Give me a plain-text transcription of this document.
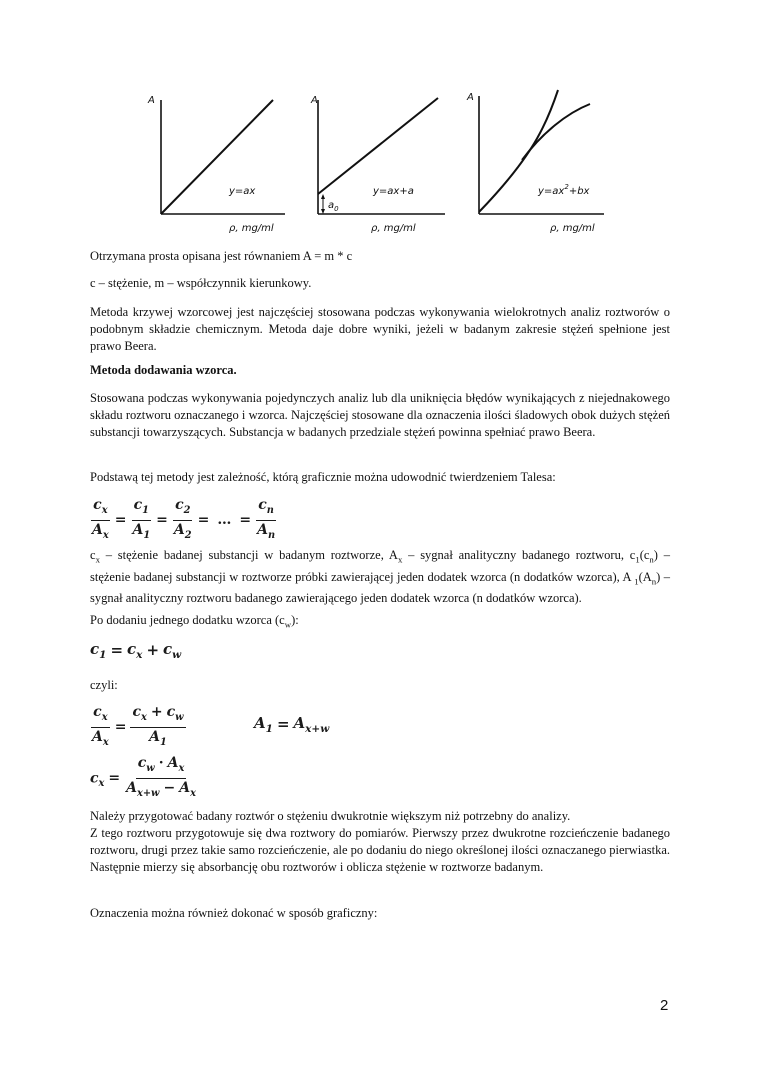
A
y=ax
ρ, mg/ml
A
y=ax+a
$a_0$
ρ, mg/ml
A
$y=ax^2+bx$
ρ, mg/ml
Otrzymana prosta opisana jest równaniem A = m * c
c – stężenie, m – współczynnik kierunkowy.
Metoda krzywej wzorcowej jest najczęściej stosowana podczas wykonywania wielokrotnych analiz roztworów o podobnym składzie chemicznym. Metoda daje dobre wyniki, jeżeli w badanym zakresie stężeń spełnione jest prawo Beera.
Metoda dodawania wzorca.
Stosowana podczas wykonywania pojedynczych analiz lub dla uniknięcia błędów wynikających z niejednakowego składu roztworu oznaczanego i wzorca. Najczęściej stosowane dla oznaczenia ilości śladowych obok dużych stężeń substancji towarzyszących. Substancja w badanych przedziale stężeń powinna spełniać prawo Beera.
Podstawą tej metody jest zależność, którą graficznie można udowodnić twierdzeniem Talesa:
$\frac{c_x}{A_x} = \frac{c_1}{A_1} = \frac{c_2}{A_2}$ = … = $\frac{c_n}{A_n}$
$c_x$ – stężenie badanej substancji w badanym roztworze, $A_x$ – sygnał analityczny badanego roztworu, $c_1(c_n)$ – stężenie badanej substancji w roztworze próbki zawierającej jeden dodatek wzorca (n dodatków wzorca), A $_1(A_n)$ – sygnał analityczny roztworu badanego zawierającego jeden dodatek wzorca (n dodatków wzorca).
Po dodaniu jednego dodatku wzorca $(c_w)$:
$c_1 = c_x + c_w$
czyli:
$\frac{c_x}{A_x} = \frac{c_x + c_w}{A_1}$	$A_1 = A_{x+w}$
$c_x = \frac{c_w \cdot A_x}{A_{x+w} - A_x}$
Należy przygotować badany roztwór o stężeniu dwukrotnie większym niż potrzebny do analizy.
Z tego roztworu przygotowuje się dwa roztwory do pomiarów. Pierwszy przez dwukrotne rozcieńczenie badanego roztworu, drugi przez takie samo rozcieńczenie, ale po dodaniu do niego określonej ilości oznaczanego pierwiastka. Następnie mierzy się absorbancję obu roztworów i oblicza stężenie w roztworze badanym.
Oznaczenia można również dokonać w sposób graficzny:
2
